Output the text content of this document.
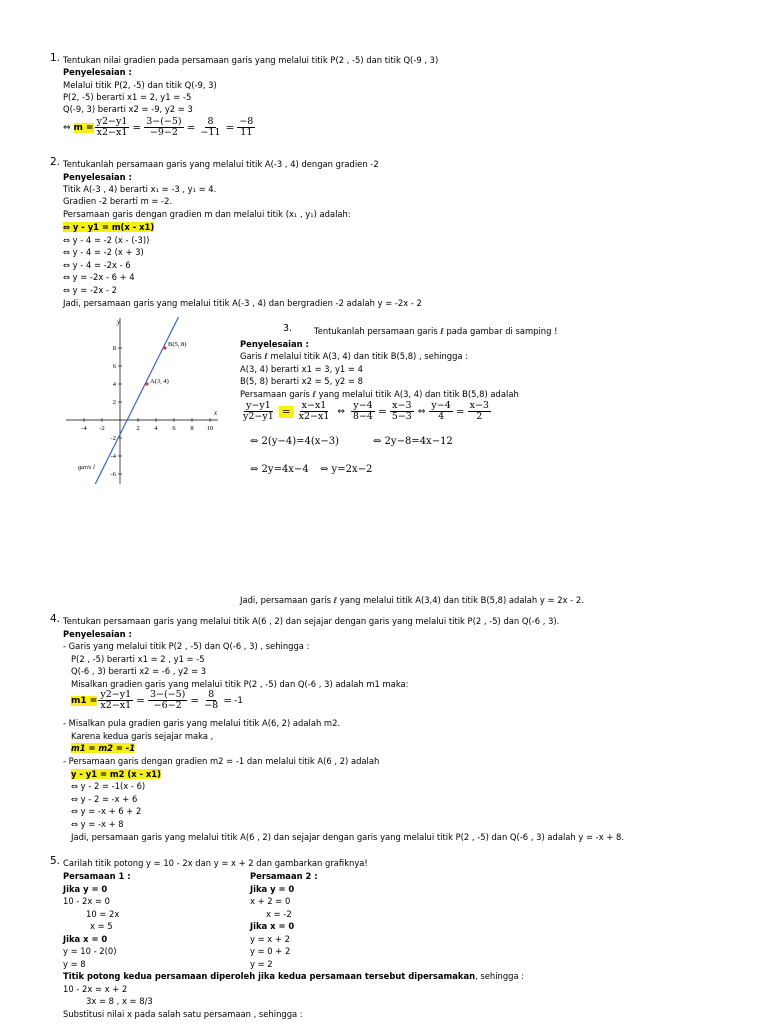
1. Tentukan nilai gradien pada persamaan garis yang melalui titik P(2 , -5) dan titik Q(-9 , 3)
Penyelesaian :
Melalui titik P(2, -5) dan titik Q(-9, 3)
P(2, -5) berarti x1 = 2, y1 = -5
Q(-9, 3) berarti x2 = -9, y2 = 3
⇔ $m = \frac{y2-y1}{x2-x1} = \frac{3-(-5)}{-9-2} = \frac{8}{-11} = \frac{-8}{11}$
2. Tentukanlah persamaan garis yang melalui titik A(-3 , 4) dengan gradien -2
Penyelesaian :
Titik A(-3 , 4) berarti x₁ = -3 , y₁ = 4.
Gradien -2 berarti m = -2.
Persamaan garis dengan gradien m dan melalui titik (x₁ , y₁) adalah:
⇔ y - y1 = m(x - x1)
⇔ y - 4 = -2 (x - (-3))
⇔ y - 4 = -2 (x + 3)
⇔ y - 4 = -2x - 6
⇔ y = -2x - 6 + 4
⇔ y = -2x - 2
Jadi, persamaan garis yang melalui titik A(-3 , 4) dan bergradien -2 adalah y = -2x - 2
-4 -2	2 4 6 8 10
8
6
4
2
-2
-4
-6
y
x
A(3, 4)
B(5, 8)
garis l
3.	Tentukanlah persamaan garis ℓ pada gambar di samping !
Penyelesaian :
Garis ℓ melalui titik A(3, 4) dan titik B(5,8) , sehingga :
A(3, 4) berarti x1 = 3, y1 = 4
B(5, 8) berarti x2 = 5, y2 = 8
Persamaan garis ℓ yang melalui titik A(3, 4) dan titik B(5,8) adalah
$\frac{y-y1}{y2-y1} = \frac{x-x1}{x2-x1}$ ⇔ $\frac{y-4}{8-4} = \frac{x-3}{5-3}$ ⇔ $\frac{y-4}{4} = \frac{x-3}{2}$
⇔ 2(y−4)=4(x−3)	⇔ 2y−8=4x−12
⇔ 2y=4x−4 ⇔ y=2x−2
Jadi, persamaan garis ℓ yang melalui titik A(3,4) dan titik B(5,8) adalah y = 2x - 2.
4. Tentukan persamaan garis yang melalui titik A(6 , 2) dan sejajar dengan garis yang melalui titik P(2 , -5) dan Q(-6 , 3).
Penyelesaian :
- Garis yang melalui titik P(2 , -5) dan Q(-6 , 3) , sehingga :
P(2 , -5) berarti x1 = 2 , y1 = -5
Q(-6 , 3) berarti x2 = -6 , y2 = 3
Misalkan gradien garis yang melalui titik P(2 , -5) dan Q(-6 , 3) adalah m1 maka:
$m1 = \frac{y2-y1}{x2-x1} = \frac{3-(-5)}{-6-2} = \frac{8}{-8} = -1$
- Misalkan pula gradien garis yang melalui titik A(6, 2) adalah m2.
Karena kedua garis sejajar maka ,
m1 = m2 = -1
- Persamaan garis dengan gradien m2 = -1 dan melalui titik A(6 , 2) adalah
y - y1 = m2 (x - x1)
⇔ y - 2 = -1(x - 6)
⇔ y - 2 = -x + 6
⇔ y = -x + 6 + 2
⇔ y = -x + 8
Jadi, persamaan garis yang melalui titik A(6 , 2) dan sejajar dengan garis yang melalui titik P(2 , -5) dan Q(-6 , 3) adalah y = -x + 8.
5. Carilah titik potong y = 10 - 2x dan y = x + 2 dan gambarkan grafiknya!
Persamaan 1 :
Jika y = 0
10 - 2x = 0
10 = 2x
x = 5
Jika x = 0
y = 10 - 2(0)
y = 8
Persamaan 2 :
Jika y = 0
x + 2 = 0
x = -2
Jika x = 0
y = x + 2
y = 0 + 2
y = 2
Titik potong kedua persamaan diperoleh jika kedua persamaan tersebut dipersamakan, sehingga :
10 - 2x = x + 2
3x = 8 , x = 8/3
Substitusi nilai x pada salah satu persamaan , sehingga :
